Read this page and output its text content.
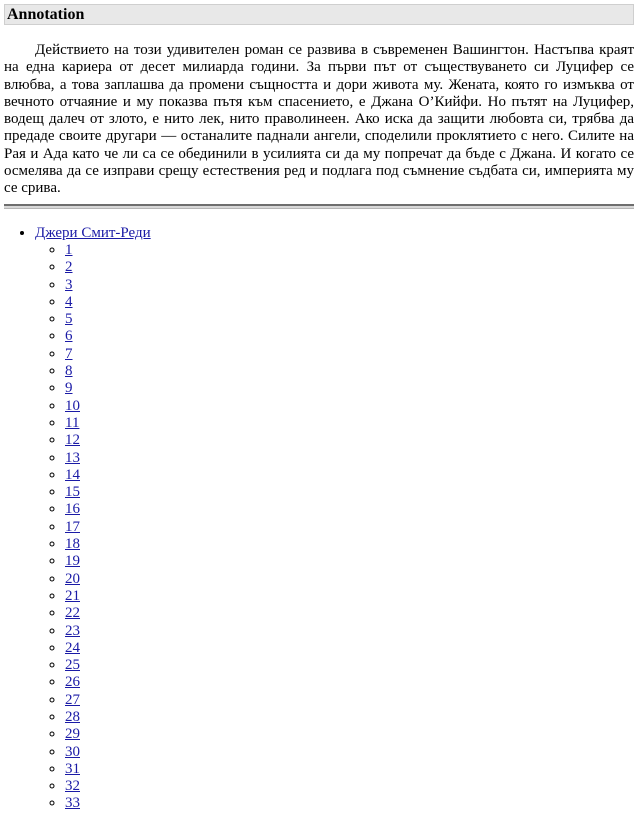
Annotation

Действието на този удивителен роман се развива в съвременен Вашингтон. Настъпва краят на една кариера от десет милиарда години. За първи път от съществуването си Луцифер се влюбва, а това заплашва да промени същността и дори живота му. Жената, която го измъква от вечното отчаяние и му показва пътя към спасението, е Джана О’Кийфи. Но пътят на Луцифер, водещ далеч от злото, е нито лек, нито праволинеен. Ако иска да защити любовта си, трябва да предаде своите другари — останалите паднали ангели, споделили проклятието с него. Силите на Рая и Ада като че ли са се обединили в усилията си да му попречат да бъде с Джана. И когато се осмелява да се изправи срещу естествения ред и подлага под съмнение съдбата си, империята му се срива.

• Джери Смит-Реди
◦ 1
◦ 2
◦ 3
◦ 4
◦ 5
◦ 6
◦ 7
◦ 8
◦ 9
◦ 10
◦ 11
◦ 12
◦ 13
◦ 14
◦ 15
◦ 16
◦ 17
◦ 18
◦ 19
◦ 20
◦ 21
◦ 22
◦ 23
◦ 24
◦ 25
◦ 26
◦ 27
◦ 28
◦ 29
◦ 30
◦ 31
◦ 32
◦ 33
